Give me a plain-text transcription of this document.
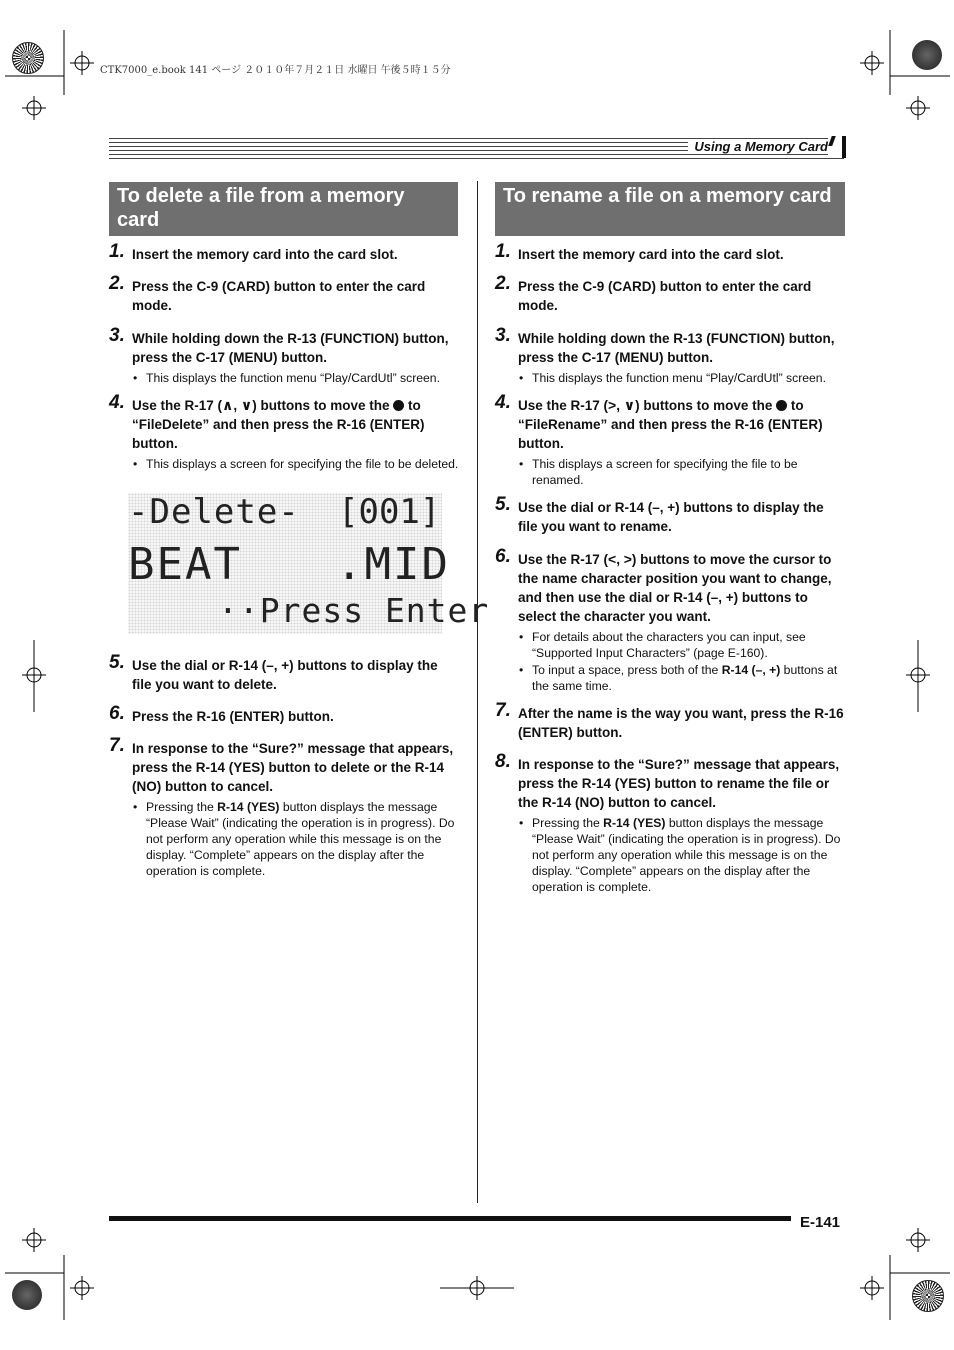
CTK7000_e.book 141 ページ ２０１０年７月２１日 水曜日 午後５時１５分
Using a Memory Card
To delete a file from a memory card
1. Insert the memory card into the card slot.
2. Press the C-9 (CARD) button to enter the card mode.
3. While holding down the R-13 (FUNCTION) button, press the C-17 (MENU) button.
• This displays the function menu “Play/CardUtl” screen.
4. Use the R-17 (∧, ∨) buttons to move the  to “FileDelete” and then press the R-16 (ENTER) button.
• This displays a screen for specifying the file to be deleted.
-Delete- [001]
BEAT .MID
··Press Enter
5. Use the dial or R-14 (–, +) buttons to display the file you want to delete.
6. Press the R-16 (ENTER) button.
7. In response to the “Sure?” message that appears, press the R-14 (YES) button to delete or the R-14 (NO) button to cancel.
• Pressing the R-14 (YES) button displays the message “Please Wait” (indicating the operation is in progress). Do not perform any operation while this message is on the display. “Complete” appears on the display after the operation is complete.
To rename a file on a memory card
1. Insert the memory card into the card slot.
2. Press the C-9 (CARD) button to enter the card mode.
3. While holding down the R-13 (FUNCTION) button, press the C-17 (MENU) button.
• This displays the function menu “Play/CardUtl” screen.
4. Use the R-17 (>, ∨) buttons to move the  to “FileRename” and then press the R-16 (ENTER) button.
• This displays a screen for specifying the file to be renamed.
5. Use the dial or R-14 (–, +) buttons to display the file you want to rename.
6. Use the R-17 (<, >) buttons to move the cursor to the name character position you want to change, and then use the dial or R-14 (–, +) buttons to select the character you want.
• For details about the characters you can input, see “Supported Input Characters” (page E-160).
• To input a space, press both of the R-14 (–, +) buttons at the same time.
7. After the name is the way you want, press the R-16 (ENTER) button.
8. In response to the “Sure?” message that appears, press the R-14 (YES) button to rename the file or the R-14 (NO) button to cancel.
• Pressing the R-14 (YES) button displays the message “Please Wait” (indicating the operation is in progress). Do not perform any operation while this message is on the display. “Complete” appears on the display after the operation is complete.
E-141
